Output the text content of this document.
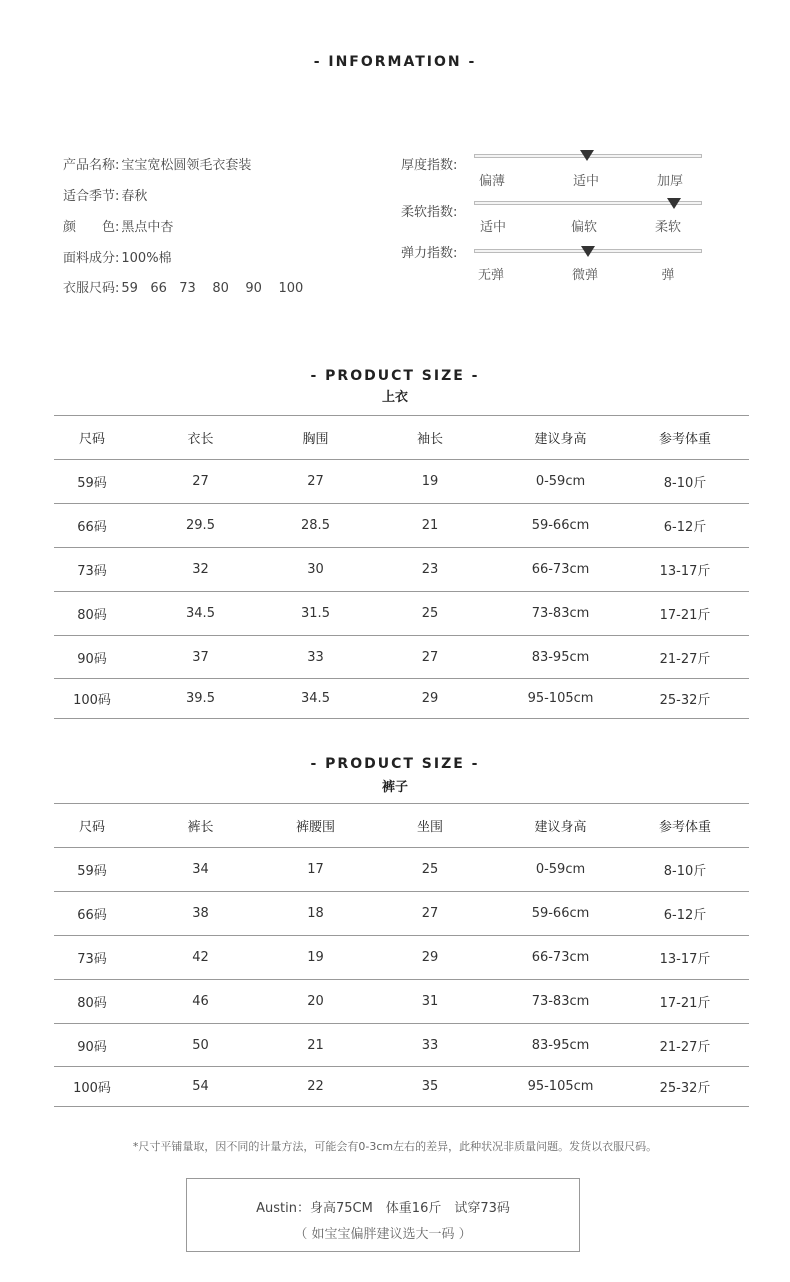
- INFORMATION -
产品名称: 宝宝宽松圆领毛衣套装
适合季节: 春秋
颜　　色: 黑点中杏
面料成分: 100%棉
衣服尺码: 59   66   73    80    90    100
厚度指数:
偏薄	适中	加厚
柔软指数:
适中	偏软	柔软
弹力指数:
无弹	微弹	弹
- PRODUCT SIZE -
上衣
尺码	衣长	胸围	袖长	建议身高	参考体重
59码	27	27	19	0-59cm	8-10斤
66码	29.5	28.5	21	59-66cm	6-12斤
73码	32	30	23	66-73cm	13-17斤
80码	34.5	31.5	25	73-83cm	17-21斤
90码	37	33	27	83-95cm	21-27斤
100码	39.5	34.5	29	95-105cm	25-32斤
- PRODUCT SIZE -
裤子
尺码	裤长	裤腰围	坐围	建议身高	参考体重
59码	34	17	25	0-59cm	8-10斤
66码	38	18	27	59-66cm	6-12斤
73码	42	19	29	66-73cm	13-17斤
80码	46	20	31	73-83cm	17-21斤
90码	50	21	33	83-95cm	21-27斤
100码	54	22	35	95-105cm	25-32斤
*尺寸平铺量取，因不同的计量方法，可能会有0-3cm左右的差异，此种状况非质量问题。发货以衣服尺码。
Austin：身高75CM　体重16斤　试穿73码
（ 如宝宝偏胖建议选大一码 ）
